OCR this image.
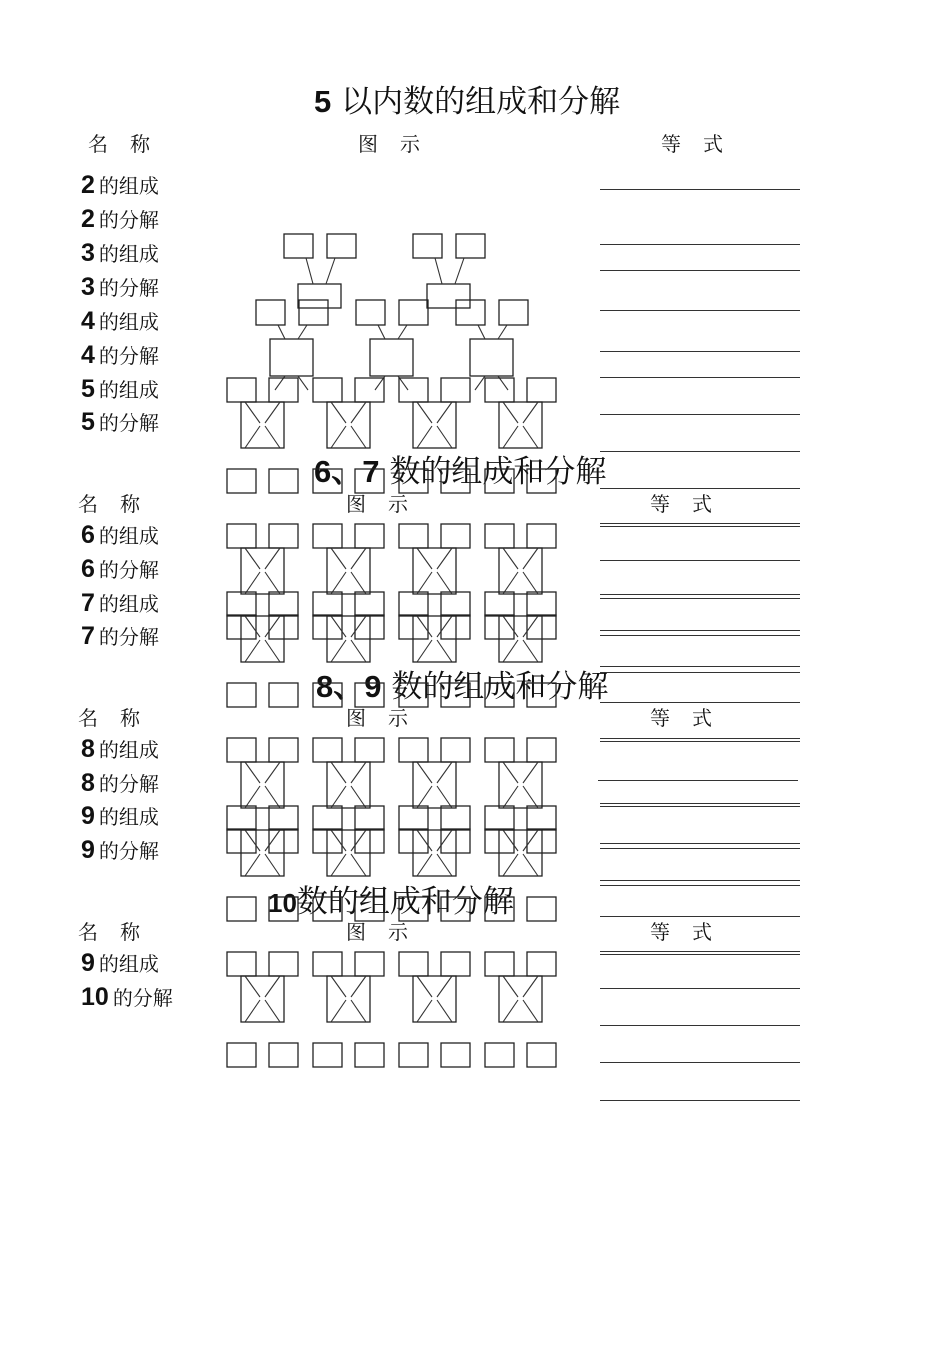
5 以内数的组成和分解
名称	图示	等式
2 的组成
2 的分解
3 的组成
3 的分解
4 的组成
4 的分解
5 的组成
5 的分解
6、7 数的组成和分解
名称	图示	等式
6 的组成
6 的分解
7 的组成
7 的分解
8、9 数的组成和分解
名称	图示	等式
8 的组成
8 的分解
9 的组成
9 的分解
10数的组成和分解
名称	图示	等式
9 的组成
10 的分解
